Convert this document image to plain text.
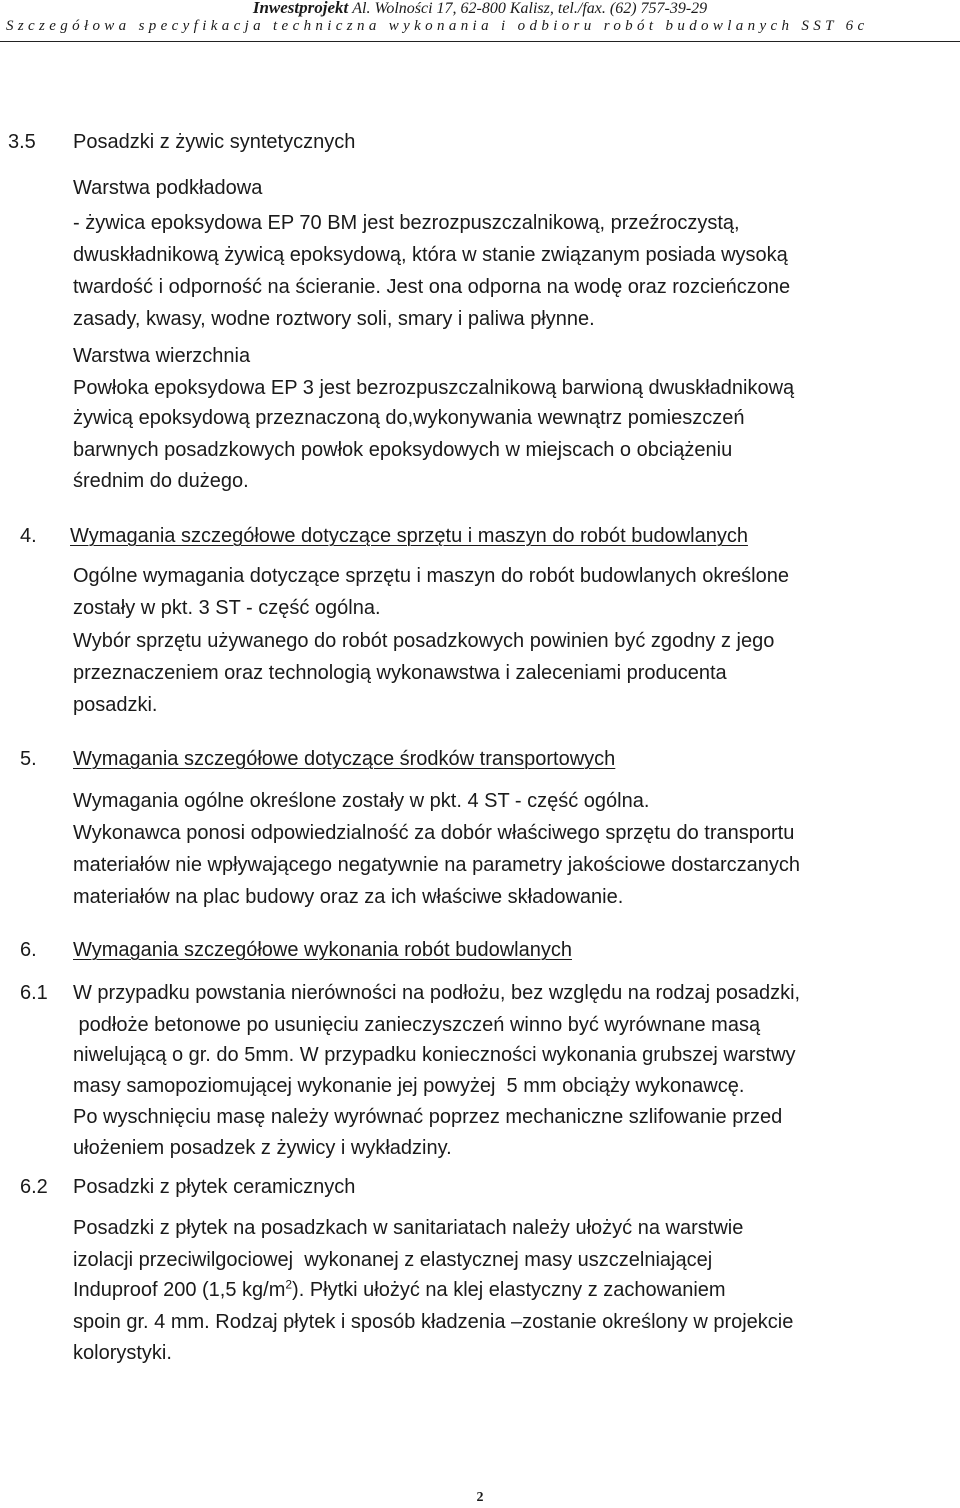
Inwestprojekt Al. Wolności 17, 62-800 Kalisz, tel./fax. (62) 757-39-29
Szczegółowa specyfikacja techniczna wykonania i odbioru robót budowlanych SST 6c
3.5 Posadzki z żywic syntetycznych
Warstwa podkładowa
- żywica epoksydowa EP 70 BM jest bezrozpuszczalnikową, przeźroczystą,
dwuskładnikową żywicą epoksydową, która w stanie związanym posiada wysoką
twardość i odporność na ścieranie. Jest ona odporna na wodę oraz rozcieńczone
zasady, kwasy, wodne roztwory soli, smary i paliwa płynne.
Warstwa wierzchnia
Powłoka epoksydowa EP 3 jest bezrozpuszczalnikową barwioną dwuskładnikową
żywicą epoksydową przeznaczoną do,wykonywania wewnątrz pomieszczeń
barwnych posadzkowych powłok epoksydowych w miejscach o obciążeniu
średnim do dużego.
4. Wymagania szczegółowe dotyczące sprzętu i maszyn do robót budowlanych
Ogólne wymagania dotyczące sprzętu i maszyn do robót budowlanych określone
zostały w pkt. 3 ST - część ogólna.
Wybór sprzętu używanego do robót posadzkowych powinien być zgodny z jego
przeznaczeniem oraz technologią wykonawstwa i zaleceniami producenta
posadzki.
5. Wymagania szczegółowe dotyczące środków transportowych
Wymagania ogólne określone zostały w pkt. 4 ST - część ogólna.
Wykonawca ponosi odpowiedzialność za dobór właściwego sprzętu do transportu
materiałów nie wpływającego negatywnie na parametry jakościowe dostarczanych
materiałów na plac budowy oraz za ich właściwe składowanie.
6. Wymagania szczegółowe wykonania robót budowlanych
6.1 W przypadku powstania nierówności na podłożu, bez względu na rodzaj posadzki,
podłoże betonowe po usunięciu zanieczyszczeń winno być wyrównane masą
niwelującą o gr. do 5mm. W przypadku konieczności wykonania grubszej warstwy
masy samopoziomującej wykonanie jej powyżej  5 mm obciąży wykonawcę.
Po wyschnięciu masę należy wyrównać poprzez mechaniczne szlifowanie przed
ułożeniem posadzek z żywicy i wykładziny.
6.2 Posadzki z płytek ceramicznych
Posadzki z płytek na posadzkach w sanitariatach należy ułożyć na warstwie
izolacji przeciwilgociowej  wykonanej z elastycznej masy uszczelniającej
Induproof 200 (1,5 $kg/m^2$). Płytki ułożyć na klej elastyczny z zachowaniem
spoin gr. 4 mm. Rodzaj płytek i sposób kładzenia –zostanie określony w projekcie
kolorystyki.
2
